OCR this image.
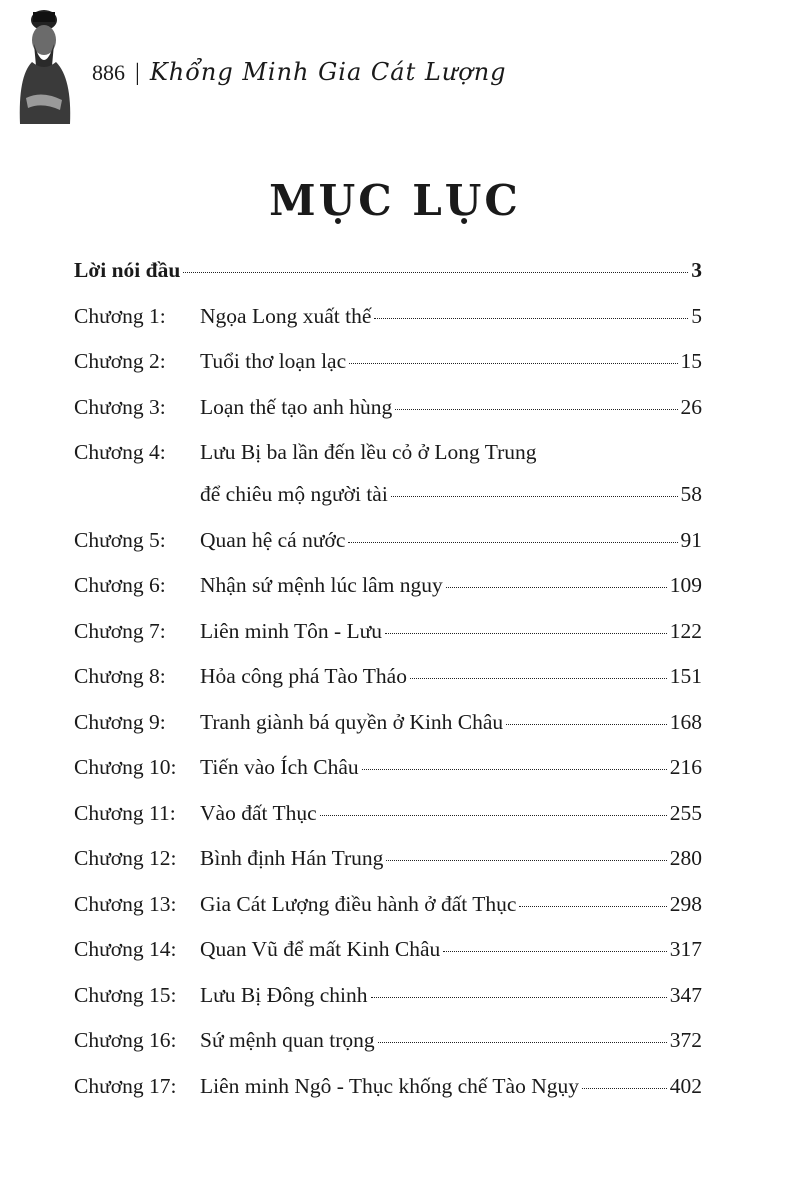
886 | Khổng Minh Gia Cát Lượng
MỤC LỤC
Lời nói đầu	3
Chương 1:	Ngọa Long xuất thế	5
Chương 2:	Tuổi thơ loạn lạc	15
Chương 3:	Loạn thế tạo anh hùng	26
Chương 4:	Lưu Bị ba lần đến lều cỏ ở Long Trung
để chiêu mộ người tài	58
Chương 5:	Quan hệ cá nước	91
Chương 6:	Nhận sứ mệnh lúc lâm nguy	109
Chương 7:	Liên minh Tôn - Lưu	122
Chương 8:	Hỏa công phá Tào Tháo	151
Chương 9:	Tranh giành bá quyền ở Kinh Châu	168
Chương 10:	Tiến vào Ích Châu	216
Chương 11:	Vào đất Thục	255
Chương 12:	Bình định Hán Trung	280
Chương 13:	Gia Cát Lượng điều hành ở đất Thục	298
Chương 14:	Quan Vũ để mất Kinh Châu	317
Chương 15:	Lưu Bị Đông chinh	347
Chương 16:	Sứ mệnh quan trọng	372
Chương 17:	Liên minh Ngô - Thục khống chế Tào Ngụy	402
